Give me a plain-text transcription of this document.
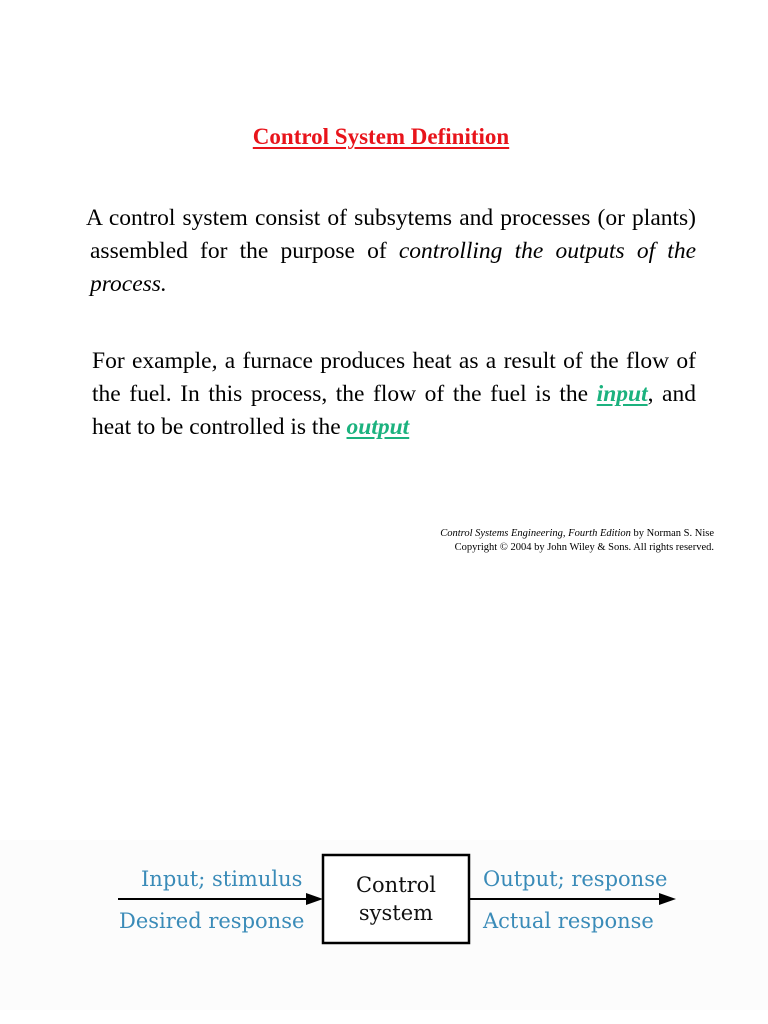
Control System Definition

A control system consist of subsytems and processes (or plants) assembled for the purpose of controlling the outputs of the process.

For example, a furnace produces heat as a result of the flow of the fuel. In this process, the flow of the fuel is the input, and heat to be controlled is the output

Control Systems Engineering, Fourth Edition by Norman S. Nise
Copyright © 2004 by John Wiley & Sons. All rights reserved.
Input; stimulus
Desired response
Control
system
Output; response
Actual response
